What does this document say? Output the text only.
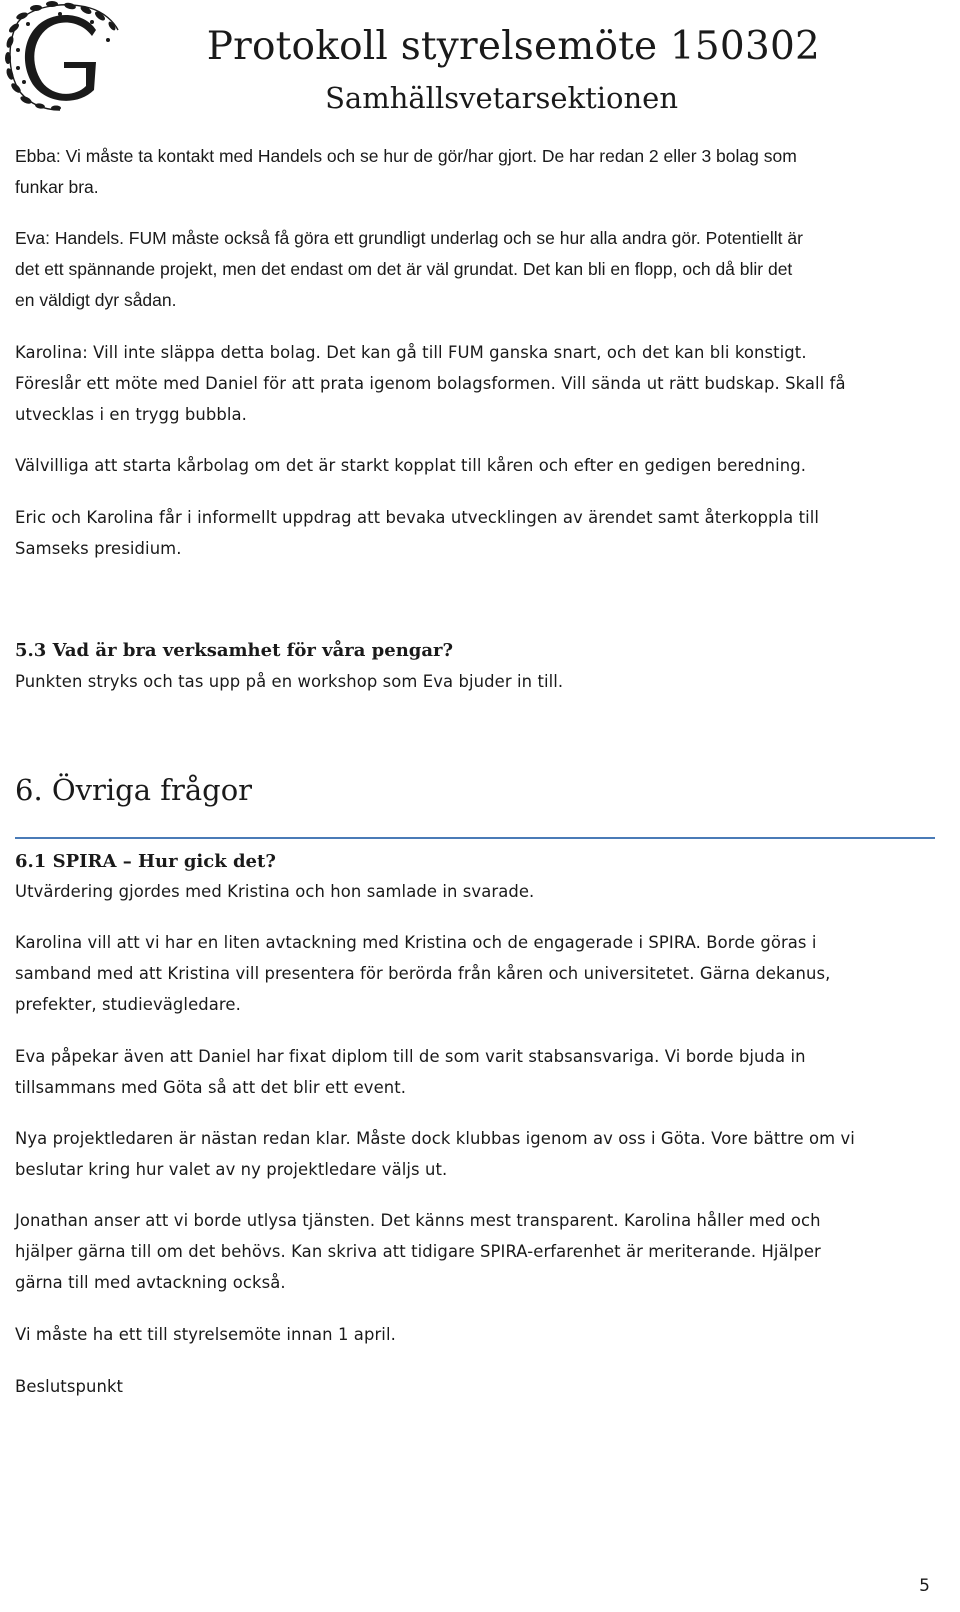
Protokoll styrelsemöte 150302
Samhällsvetarsektionen

Ebba: Vi måste ta kontakt med Handels och se hur de gör/har gjort. De har redan 2 eller 3 bolag som
funkar bra.

Eva: Handels. FUM måste också få göra ett grundligt underlag och se hur alla andra gör. Potentiellt är
det ett spännande projekt, men det endast om det är väl grundat. Det kan bli en flopp, och då blir det
en väldigt dyr sådan.

Karolina: Vill inte släppa detta bolag. Det kan gå till FUM ganska snart, och det kan bli konstigt.
Föreslår ett möte med Daniel för att prata igenom bolagsformen. Vill sända ut rätt budskap. Skall få
utvecklas i en trygg bubbla.

Välvilliga att starta kårbolag om det är starkt kopplat till kåren och efter en gedigen beredning.

Eric och Karolina får i informellt uppdrag att bevaka utvecklingen av ärendet samt återkoppla till
Samseks presidium.

5.3 Vad är bra verksamhet för våra pengar?

Punkten stryks och tas upp på en workshop som Eva bjuder in till.

6. Övriga frågor
6.1 SPIRA – Hur gick det?

Utvärdering gjordes med Kristina och hon samlade in svarade.

Karolina vill att vi har en liten avtackning med Kristina och de engagerade i SPIRA. Borde göras i
samband med att Kristina vill presentera för berörda från kåren och universitetet. Gärna dekanus,
prefekter, studievägledare.

Eva påpekar även att Daniel har fixat diplom till de som varit stabsansvariga. Vi borde bjuda in
tillsammans med Göta så att det blir ett event.

Nya projektledaren är nästan redan klar. Måste dock klubbas igenom av oss i Göta. Vore bättre om vi
beslutar kring hur valet av ny projektledare väljs ut.

Jonathan anser att vi borde utlysa tjänsten. Det känns mest transparent. Karolina håller med och
hjälper gärna till om det behövs. Kan skriva att tidigare SPIRA-erfarenhet är meriterande. Hjälper
gärna till med avtackning också.

Vi måste ha ett till styrelsemöte innan 1 april.

Beslutspunkt

5
